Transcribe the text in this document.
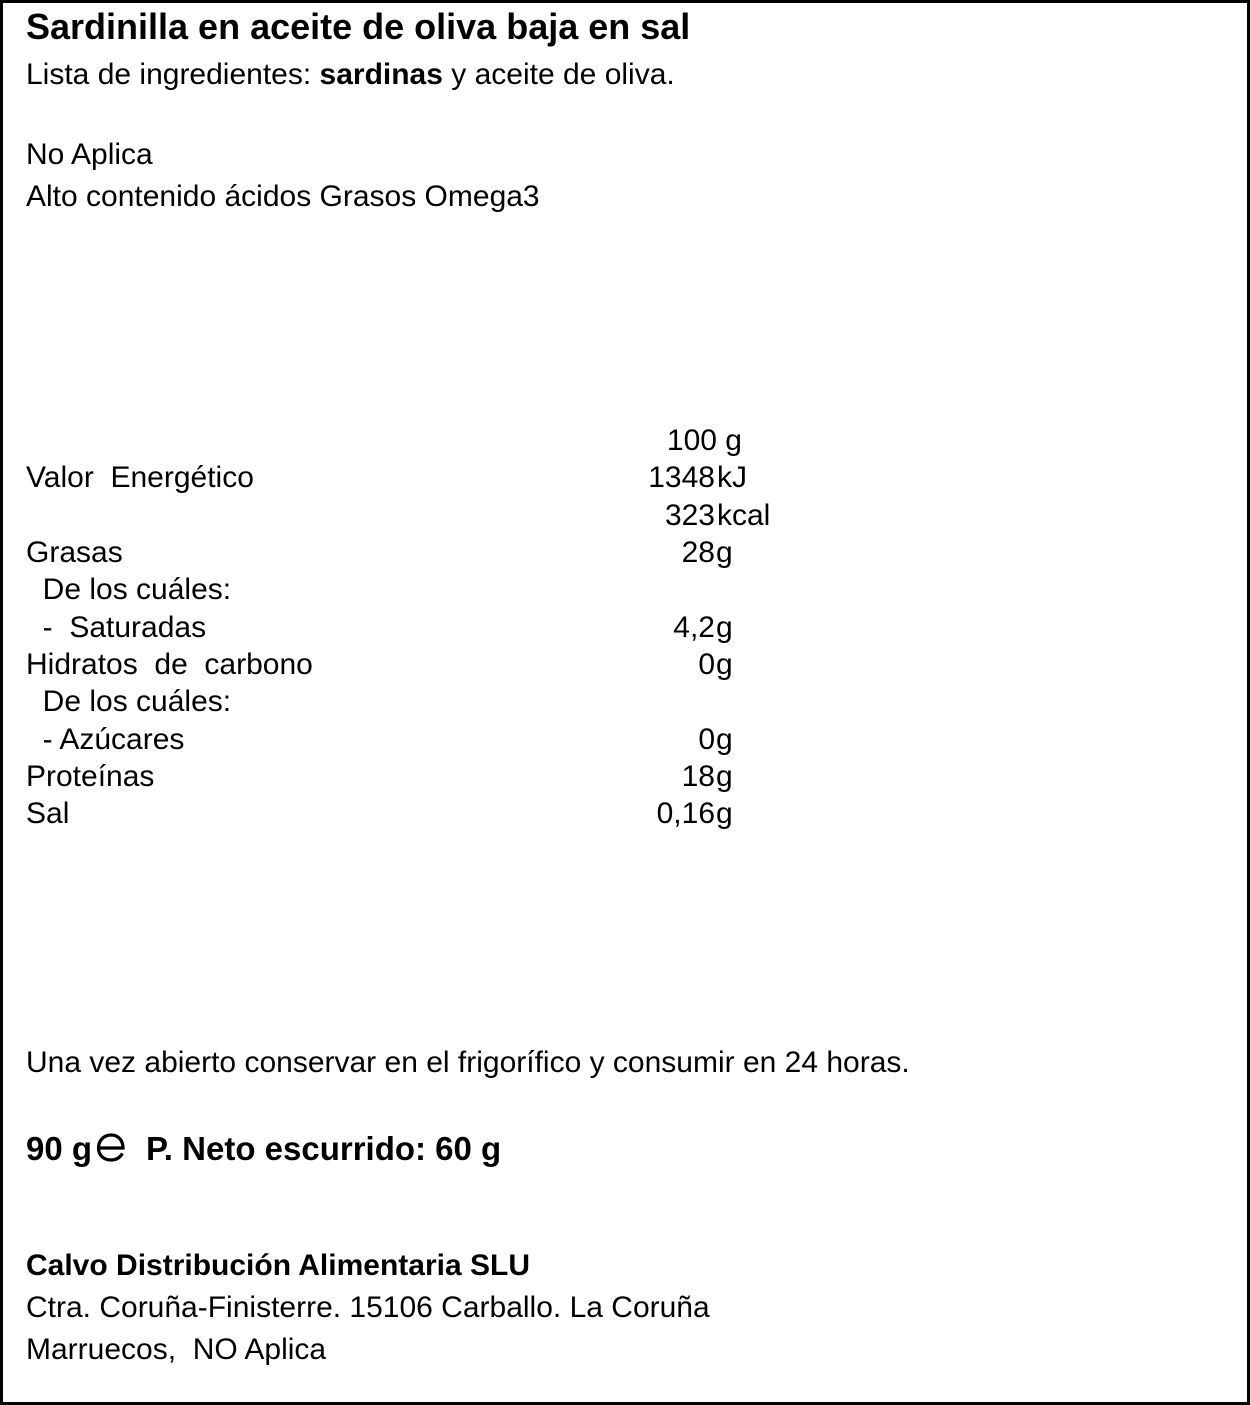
Sardinilla en aceite de oliva baja en sal
Lista de ingredientes: sardinas y aceite de oliva.
No Aplica
Alto contenido ácidos Grasos Omega3
100 g
Valor  Energético	1348 kJ
323 kcal
Grasas	28 g
De los cuáles:
-  Saturadas	4,2 g
Hidratos  de  carbono	0 g
De los cuáles:
- Azúcares	0 g
Proteínas	18 g
Sal	0,16 g
Una vez abierto conservar en el frigorífico y consumir en 24 horas.
90 g P. Neto escurrido: 60 g
Calvo Distribución Alimentaria SLU
Ctra. Coruña-Finisterre. 15106 Carballo. La Coruña
Marruecos,  NO Aplica
